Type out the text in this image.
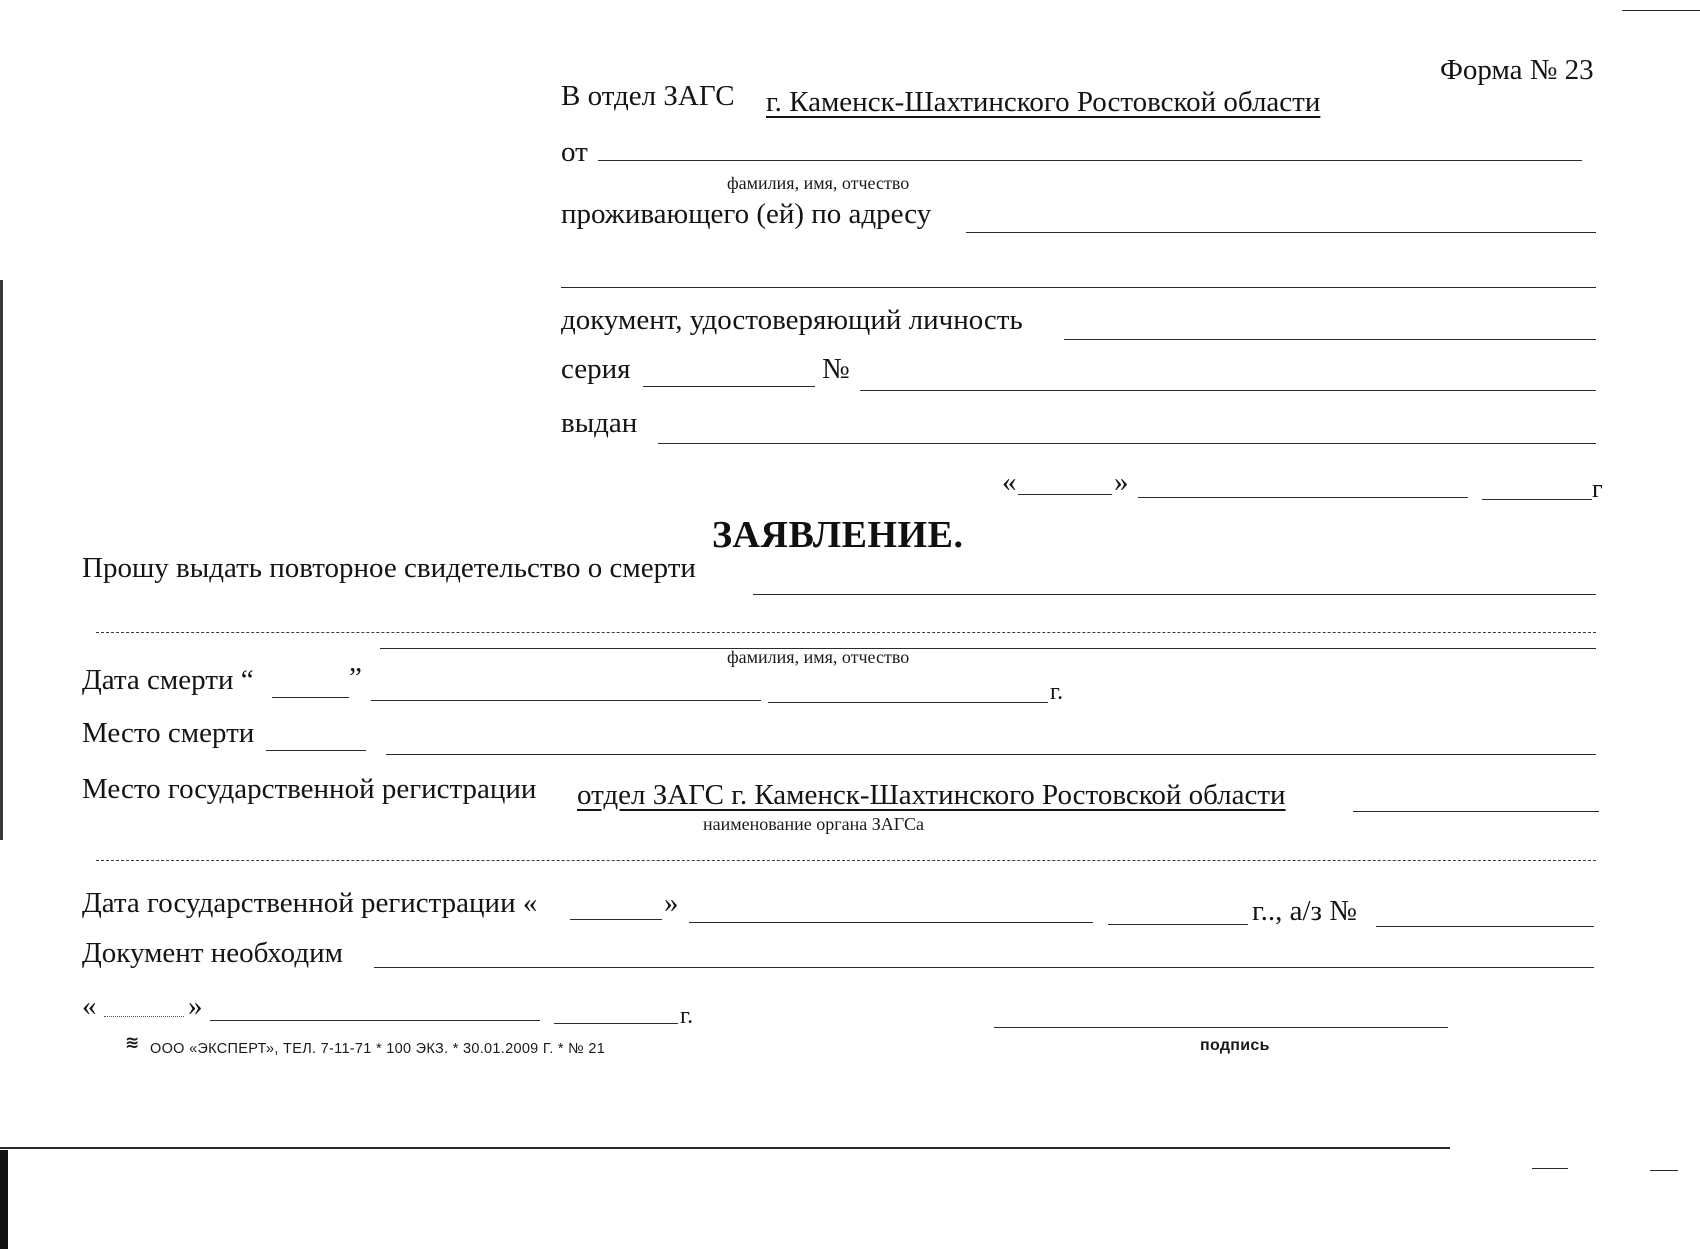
Форма № 23
В отдел ЗАГС г. Каменск-Шахтинского Ростовской области
от
фамилия, имя, отчество
проживающего (ей) по адресу
документ, удостоверяющий личность
серия	№
выдан
«	»	г
ЗАЯВЛЕНИЕ.
Прошу выдать повторное свидетельство о смерти
фамилия, имя, отчество
Дата смерти “	”	г.
Место смерти
Место государственной регистрации отдел ЗАГС г. Каменск-Шахтинского Ростовской области
наименование органа ЗАГСа
Дата государственной регистрации «	»	г.., а/з №
Документ необходим
«	»	г.
подпись
≋ ООО «ЭКСПЕРТ», ТЕЛ. 7-11-71 * 100 ЭКЗ. * 30.01.2009 Г. * № 21
